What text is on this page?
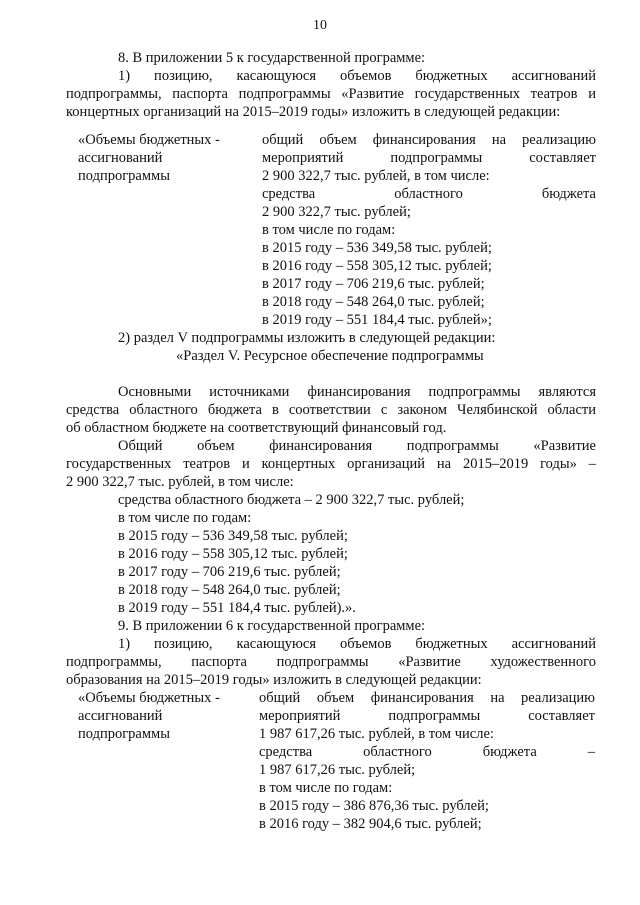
10
8. В приложении 5 к государственной программе:
1) позицию, касающуюся объемов бюджетных ассигнований
подпрограммы, паспорта подпрограммы «Развитие государственных театров и
концертных организаций на 2015–2019 годы» изложить в следующей редакции:
«Объемы бюджетных -
ассигнований
подпрограммы
общий объем финансирования на реализацию
мероприятий подпрограммы составляет
2 900 322,7 тыс. рублей, в том числе:
средства областного бюджета
2 900 322,7 тыс. рублей;
в том числе по годам:
в 2015 году – 536 349,58 тыс. рублей;
в 2016 году – 558 305,12 тыс. рублей;
в 2017 году – 706 219,6 тыс. рублей;
в 2018 году – 548 264,0 тыс. рублей;
в 2019 году – 551 184,4 тыс. рублей»;
2) раздел V подпрограммы изложить в следующей редакции:
«Раздел V. Ресурсное обеспечение подпрограммы
Основными источниками финансирования подпрограммы являются
средства областного бюджета в соответствии с законом Челябинской области
об областном бюджете на соответствующий финансовый год.
Общий объем финансирования подпрограммы «Развитие
государственных театров и концертных организаций на 2015–2019 годы» –
2 900 322,7 тыс. рублей, в том числе:
средства областного бюджета – 2 900 322,7 тыс. рублей;
в том числе по годам:
в 2015 году – 536 349,58 тыс. рублей;
в 2016 году – 558 305,12 тыс. рублей;
в 2017 году – 706 219,6 тыс. рублей;
в 2018 году – 548 264,0 тыс. рублей;
в 2019 году – 551 184,4 тыс. рублей).».
9. В приложении 6 к государственной программе:
1) позицию, касающуюся объемов бюджетных ассигнований
подпрограммы, паспорта подпрограммы «Развитие художественного
образования на 2015–2019 годы» изложить в следующей редакции:
«Объемы бюджетных -
ассигнований
подпрограммы
общий объем финансирования на реализацию
мероприятий подпрограммы составляет
1 987 617,26 тыс. рублей, в том числе:
средства областного бюджета –
1 987 617,26 тыс. рублей;
в том числе по годам:
в 2015 году – 386 876,36 тыс. рублей;
в 2016 году – 382 904,6 тыс. рублей;
